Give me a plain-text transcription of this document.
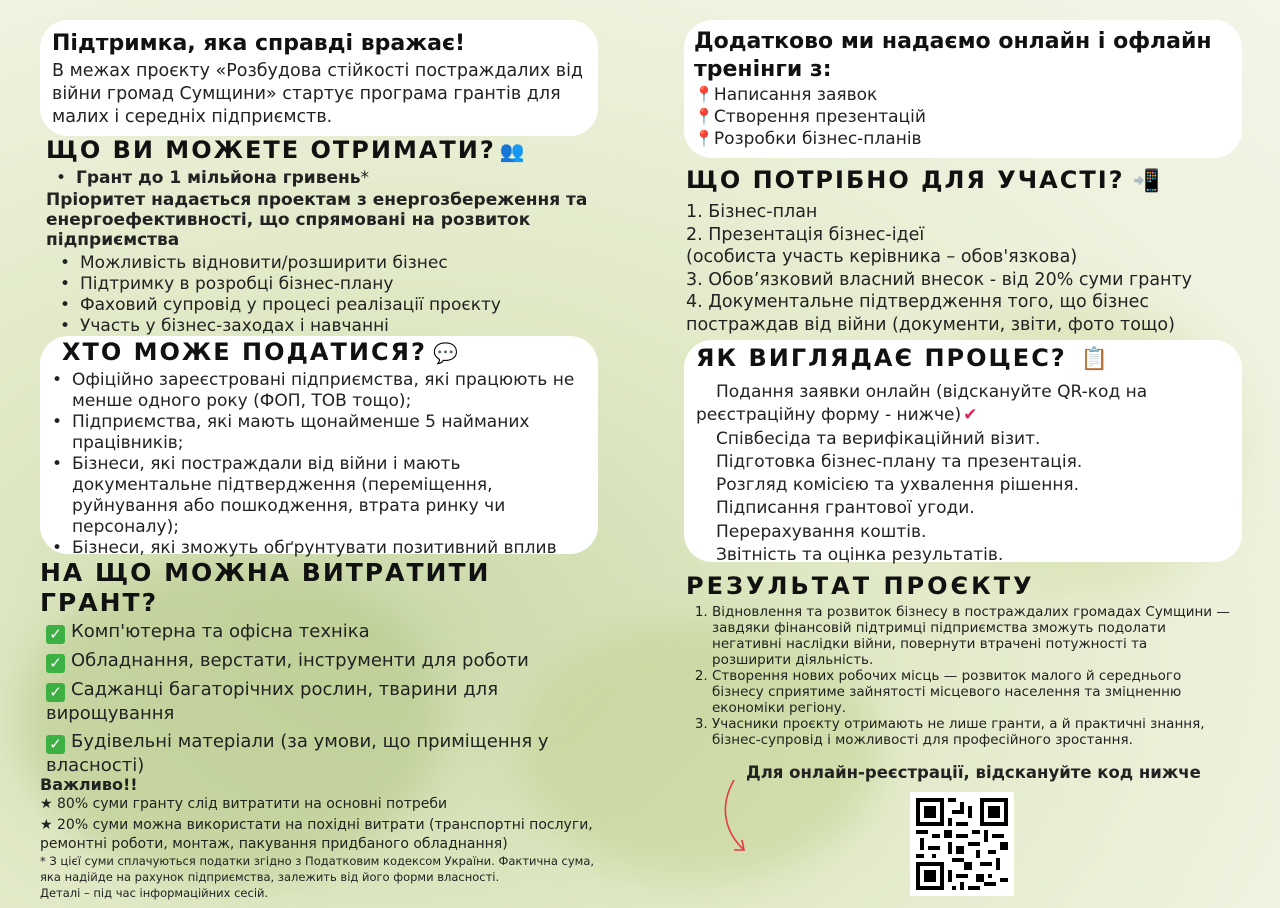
Підтримка, яка справді вражає!
В межах проєкту «Розбудова стійкості постраждалих від війни громад Сумщини» стартує програма грантів для малих і середніх підприємств.
ЩО ВИ МОЖЕТЕ ОТРИМАТИ? 👥
• Грант до 1 мільйона гривень*
Пріоритет надається проектам з енергозбереження та енергоефективності, що спрямовані на розвиток підприємства
• Можливість відновити/розширити бізнес
• Підтримку в розробці бізнес-плану
• Фаховий супровід у процесі реалізації проєкту
• Участь у бізнес-заходах і навчанні
ХТО МОЖЕ ПОДАТИСЯ? 💬
• Офіційно зареєстровані підприємства, які працюють не менше одного року (ФОП, ТОВ тощо);
• Підприємства, які мають щонайменше 5 найманих працівників;
• Бізнеси, які постраждали від війни і мають документальне підтвердження (переміщення, руйнування або пошкодження, втрата ринку чи персоналу);
• Бізнеси, які зможуть обґрунтувати позитивний вплив
НА ЩО МОЖНА ВИТРАТИТИ ГРАНТ?
✓ Комп'ютерна та офісна техніка
✓ Обладнання, верстати, інструменти для роботи
✓ Саджанці багаторічних рослин, тварини для вирощування
✓ Будівельні матеріали (за умови, що приміщення у власності)
Важливо!!
★ 80% суми гранту слід витратити на основні потреби
★ 20% суми можна використати на похідні витрати (транспортні послуги, ремонтні роботи, монтаж, пакування придбаного обладнання)
* З цієї суми сплачуються податки згідно з Податковим кодексом України. Фактична сума, яка надійде на рахунок підприємства, залежить від його форми власності.
Деталі – під час інформаційних сесій.
Додатково ми надаємо онлайн і офлайн тренінги з:
📍Написання заявок
📍Створення презентацій
📍Розробки бізнес-планів
ЩО ПОТРІБНО ДЛЯ УЧАСТІ? 📲
1. Бізнес-план
2. Презентація бізнес-ідеї
(особиста участь керівника – обов'язкова)
3. Обов’язковий власний внесок - від 20% суми гранту
4. Документальне підтвердження того, що бізнес
постраждав від війни (документи, звіти, фото тощо)
ЯК ВИГЛЯДАЄ ПРОЦЕС? 📋
Подання заявки онлайн (відскануйте QR-код на
реєстраційну форму - нижче) ✔
Співбесіда та верифікаційний візит.
Підготовка бізнес-плану та презентація.
Розгляд комісією та ухвалення рішення.
Підписання грантової угоди.
Перерахування коштів.
Звітність та оцінка результатів.
РЕЗУЛЬТАТ ПРОЄКТУ
1. Відновлення та розвиток бізнесу в постраждалих громадах Сумщини — завдяки фінансовій підтримці підприємства зможуть подолати негативні наслідки війни, повернути втрачені потужності та розширити діяльність.
2. Створення нових робочих місць — розвиток малого й середнього бізнесу сприятиме зайнятості місцевого населення та зміцненню економіки регіону.
3. Учасники проєкту отримають не лише гранти, а й практичні знання, бізнес-супровід і можливості для професійного зростання.
Для онлайн-реєстрації, відскануйте код нижче
